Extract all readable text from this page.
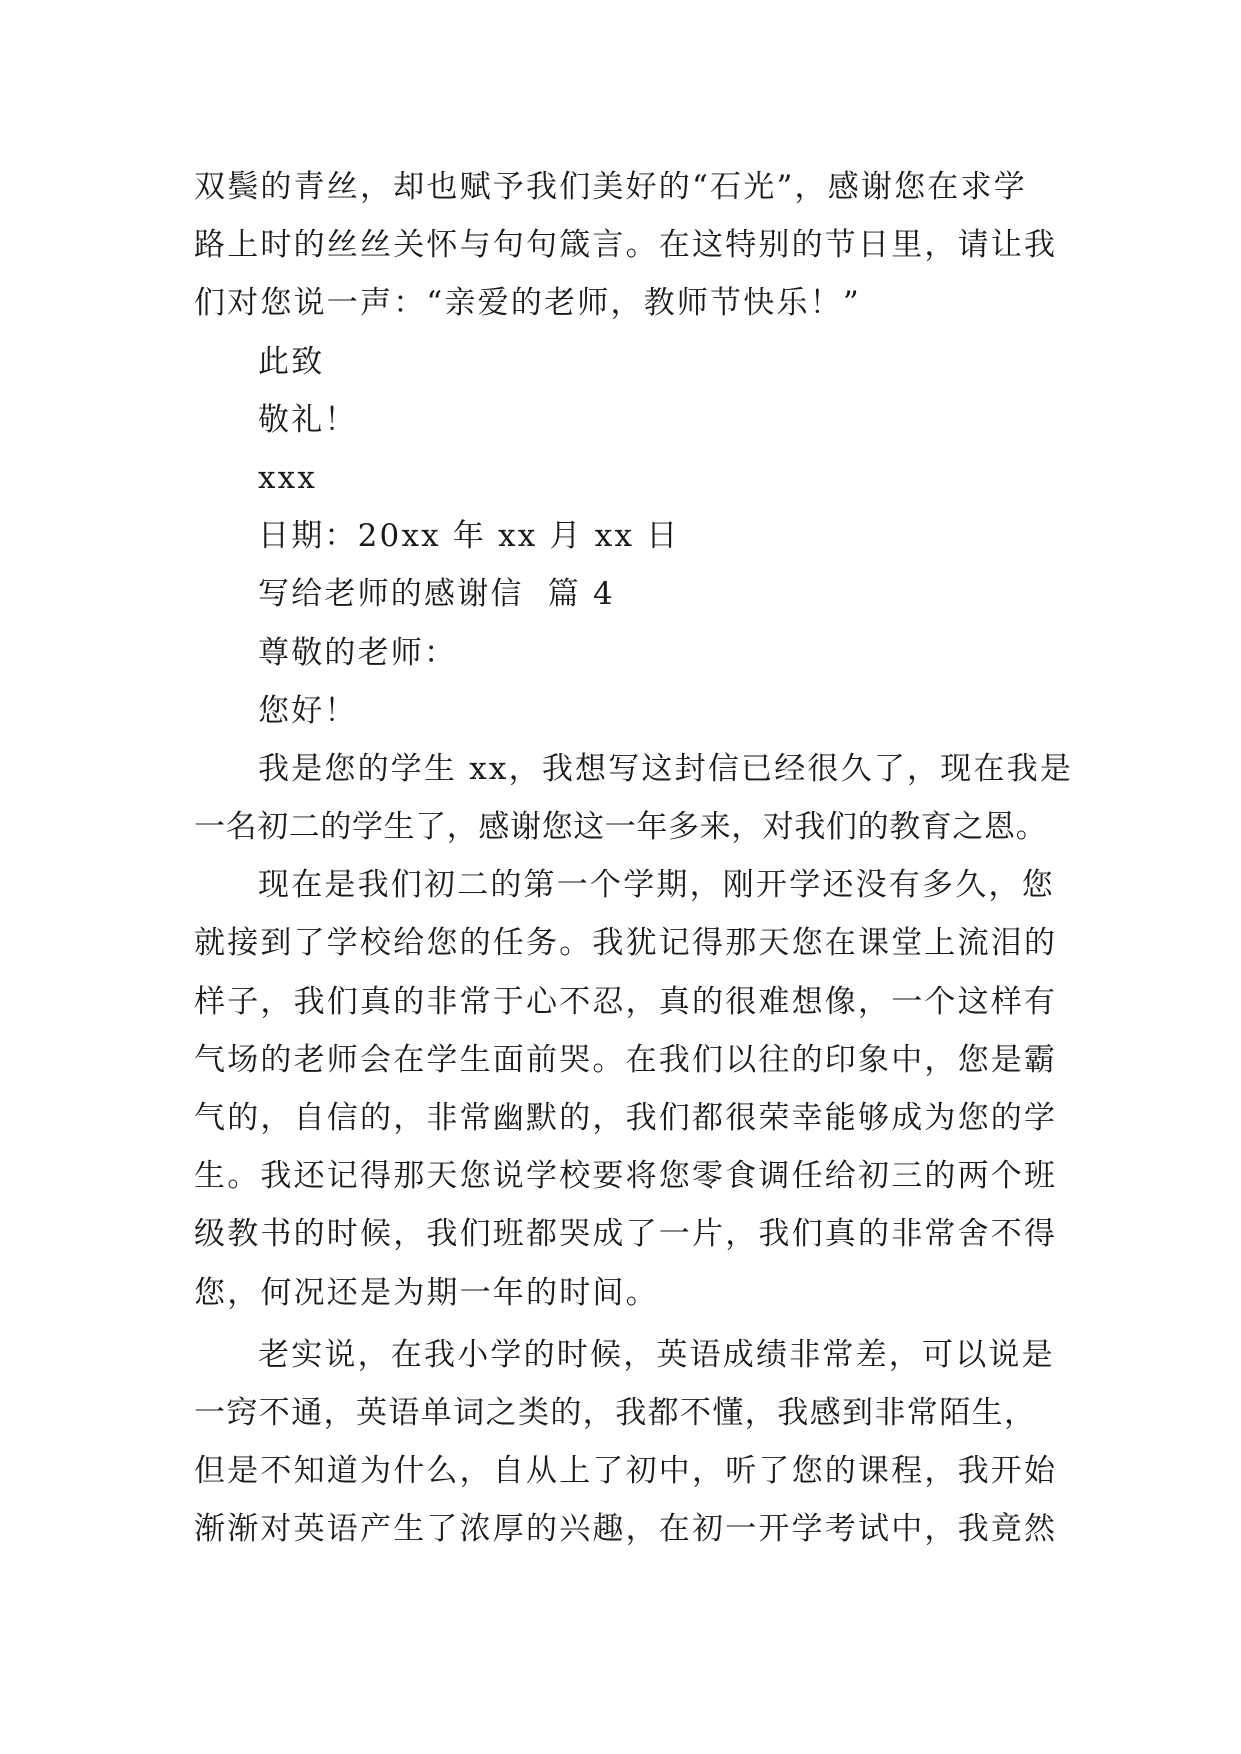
双鬓的青丝，却也赋予我们美好的“石光”，感谢您在求学
路上时的丝丝关怀与句句箴言。在这特别的节日里，请让我
们对您说一声：“亲爱的老师，教师节快乐！”
此致
敬礼！
xxx
日期：20xx 年 xx 月 xx 日
写给老师的感谢信  篇 4
尊敬的老师：
您好！
我是您的学生 xx，我想写这封信已经很久了，现在我是
一名初二的学生了，感谢您这一年多来，对我们的教育之恩。
现在是我们初二的第一个学期，刚开学还没有多久，您
就接到了学校给您的任务。我犹记得那天您在课堂上流泪的
样子，我们真的非常于心不忍，真的很难想像，一个这样有
气场的老师会在学生面前哭。在我们以往的印象中，您是霸
气的，自信的，非常幽默的，我们都很荣幸能够成为您的学
生。我还记得那天您说学校要将您零食调任给初三的两个班
级教书的时候，我们班都哭成了一片，我们真的非常舍不得
您，何况还是为期一年的时间。
老实说，在我小学的时候，英语成绩非常差，可以说是
一窍不通，英语单词之类的，我都不懂，我感到非常陌生，
但是不知道为什么，自从上了初中，听了您的课程，我开始
渐渐对英语产生了浓厚的兴趣，在初一开学考试中，我竟然
